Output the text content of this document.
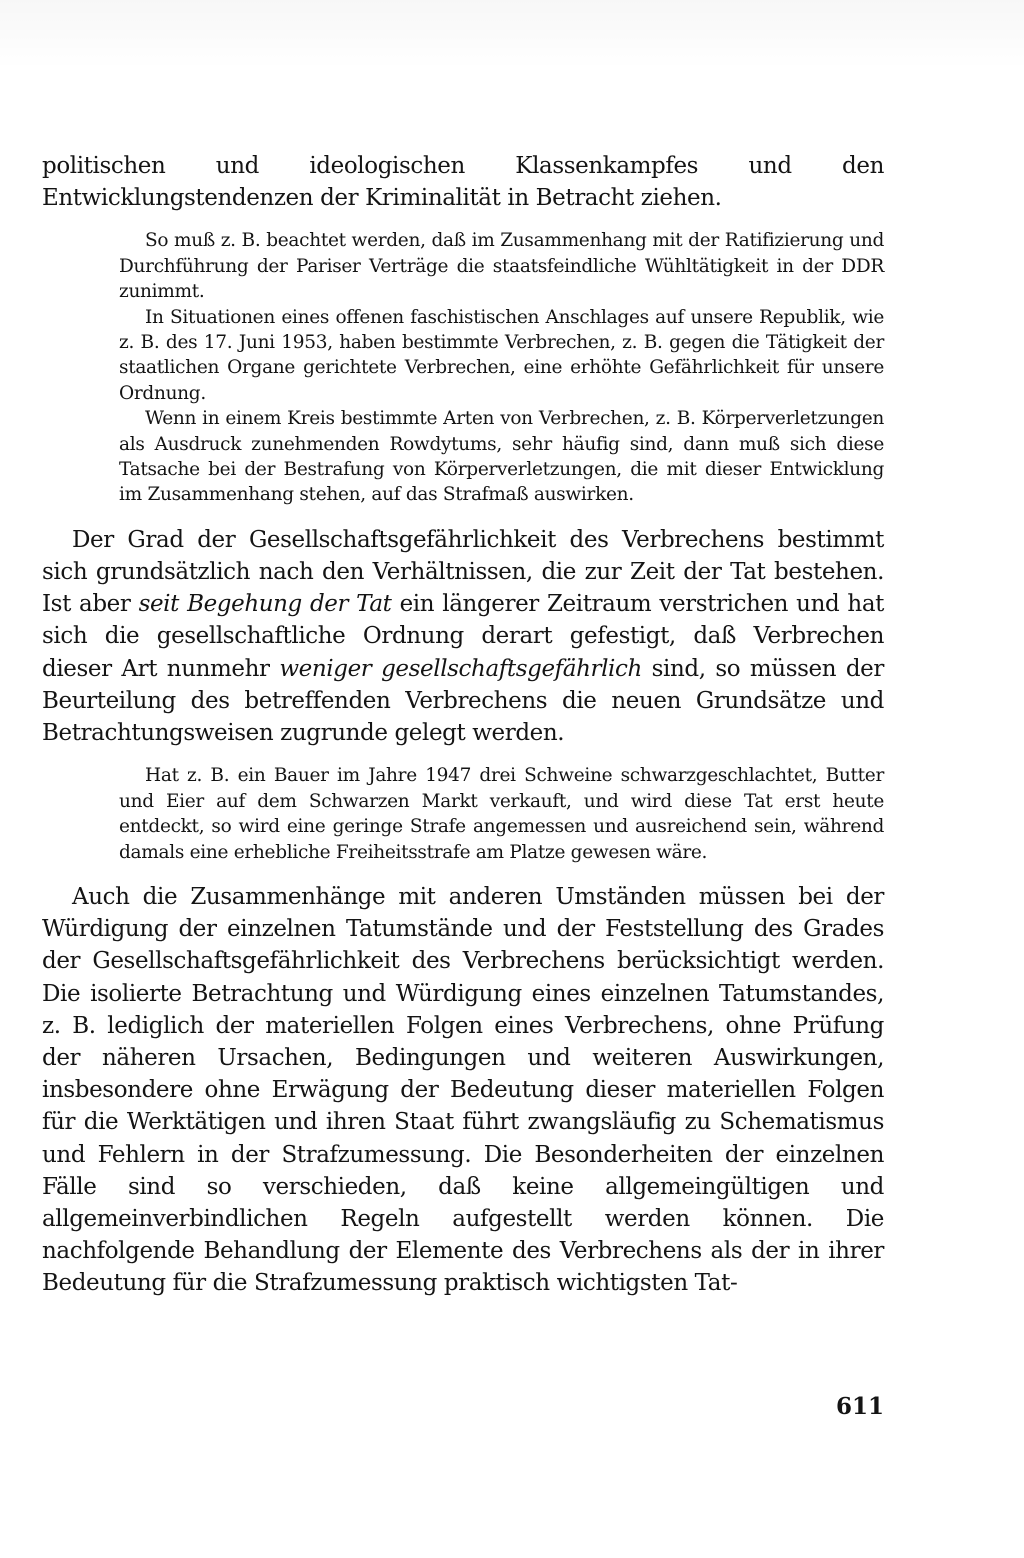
politischen und ideologischen Klassenkampfes und den Entwicklungstendenzen der Kriminalität in Betracht ziehen.

So muß z. B. beachtet werden, daß im Zusammenhang mit der Ratifizierung und Durchführung der Pariser Verträge die staatsfeindliche Wühltätigkeit in der DDR zunimmt.

In Situationen eines offenen faschistischen Anschlages auf unsere Republik, wie z. B. des 17. Juni 1953, haben bestimmte Verbrechen, z. B. gegen die Tätigkeit der staatlichen Organe gerichtete Verbrechen, eine erhöhte Gefährlichkeit für unsere Ordnung.

Wenn in einem Kreis bestimmte Arten von Verbrechen, z. B. Körperverletzungen als Ausdruck zunehmenden Rowdytums, sehr häufig sind, dann muß sich diese Tatsache bei der Bestrafung von Körperverletzungen, die mit dieser Entwicklung im Zusammenhang stehen, auf das Strafmaß auswirken.

Der Grad der Gesellschaftsgefährlichkeit des Verbrechens bestimmt sich grundsätzlich nach den Verhältnissen, die zur Zeit der Tat bestehen. Ist aber seit Begehung der Tat ein längerer Zeitraum verstrichen und hat sich die gesellschaftliche Ordnung derart gefestigt, daß Verbrechen dieser Art nunmehr weniger gesellschaftsgefährlich sind, so müssen der Beurteilung des betreffenden Verbrechens die neuen Grundsätze und Betrachtungsweisen zugrunde gelegt werden.

Hat z. B. ein Bauer im Jahre 1947 drei Schweine schwarzgeschlachtet, Butter und Eier auf dem Schwarzen Markt verkauft, und wird diese Tat erst heute entdeckt, so wird eine geringe Strafe angemessen und ausreichend sein, während damals eine erhebliche Freiheitsstrafe am Platze gewesen wäre.

Auch die Zusammenhänge mit anderen Umständen müssen bei der Würdigung der einzelnen Tatumstände und der Feststellung des Grades der Gesellschaftsgefährlichkeit des Verbrechens berücksichtigt werden. Die isolierte Betrachtung und Würdigung eines einzelnen Tatumstandes, z. B. lediglich der materiellen Folgen eines Verbrechens, ohne Prüfung der näheren Ursachen, Bedingungen und weiteren Auswirkungen, insbesondere ohne Erwägung der Bedeutung dieser materiellen Folgen für die Werktätigen und ihren Staat führt zwangsläufig zu Schematismus und Fehlern in der Strafzumessung. Die Besonderheiten der einzelnen Fälle sind so verschieden, daß keine allgemeingültigen und allgemeinverbindlichen Regeln aufgestellt werden können. Die nachfolgende Behandlung der Elemente des Verbrechens als der in ihrer Bedeutung für die Strafzumessung praktisch wichtigsten Tat-

611
